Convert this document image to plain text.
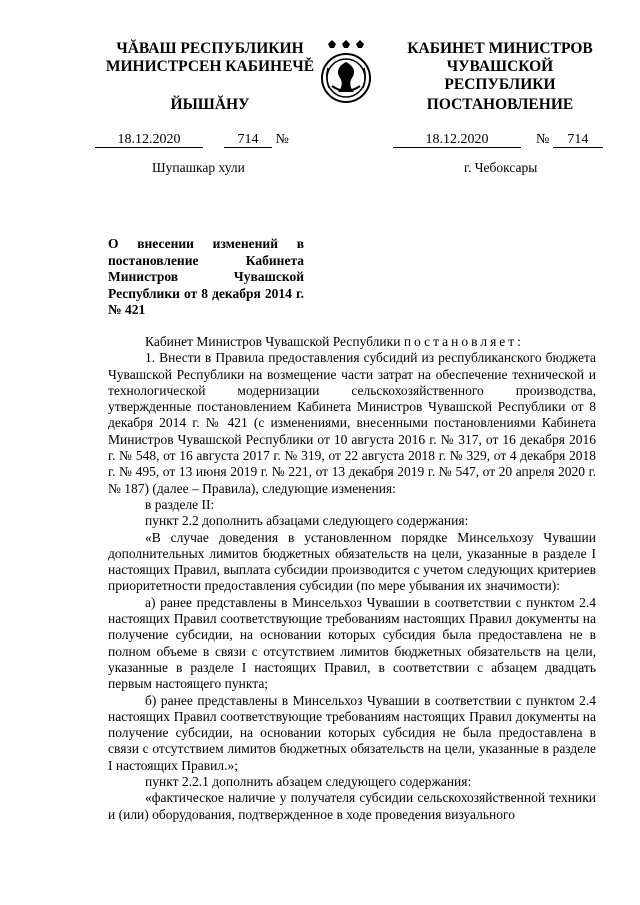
ЧĂВАШ РЕСПУБЛИКИН
МИНИСТРСЕН КАБИНЕЧĚ
ЙЫШĂНУ
КАБИНЕТ МИНИСТРОВ
ЧУВАШСКОЙ РЕСПУБЛИКИ
ПОСТАНОВЛЕНИЕ
18.12.2020	714 №	18.12.2020	№ 714
Шупашкар хули	г. Чебоксары
О внесении изменений в постановление Кабинета Министров Чувашской Республики от 8 декабря 2014 г. № 421

Кабинет Министров Чувашской Республики постановляет:

1. Внести в Правила предоставления субсидий из республиканского бюджета Чувашской Республики на возмещение части затрат на обеспечение технической и технологической модернизации сельскохозяйственного производства, утвержденные постановлением Кабинета Министров Чувашской Республики от 8 декабря 2014 г. № 421 (с изменениями, внесенными постановлениями Кабинета Министров Чувашской Республики от 10 августа 2016 г. № 317, от 16 декабря 2016 г. № 548, от 16 августа 2017 г. № 319, от 22 августа 2018 г. № 329, от 4 декабря 2018 г. № 495, от 13 июня 2019 г. № 221, от 13 декабря 2019 г. № 547, от 20 апреля 2020 г. № 187) (далее – Правила), следующие изменения:

в разделе II:

пункт 2.2 дополнить абзацами следующего содержания:

«В случае доведения в установленном порядке Минсельхозу Чувашии дополнительных лимитов бюджетных обязательств на цели, указанные в разделе I настоящих Правил, выплата субсидии производится с учетом следующих критериев приоритетности предоставления субсидии (по мере убывания их значимости):

а) ранее представлены в Минсельхоз Чувашии в соответствии с пунктом 2.4 настоящих Правил соответствующие требованиям настоящих Правил документы на получение субсидии, на основании которых субсидия была предоставлена не в полном объеме в связи с отсутствием лимитов бюджетных обязательств на цели, указанные в разделе I настоящих Правил, в соответствии с абзацем двадцать первым настоящего пункта;

б) ранее представлены в Минсельхоз Чувашии в соответствии с пунктом 2.4 настоящих Правил соответствующие требованиям настоящих Правил документы на получение субсидии, на основании которых субсидия не была предоставлена в связи с отсутствием лимитов бюджетных обязательств на цели, указанные в разделе I настоящих Правил.»;

пункт 2.2.1 дополнить абзацем следующего содержания:

«фактическое наличие у получателя субсидии сельскохозяйственной техники и (или) оборудования, подтвержденное в ходе проведения визуального
